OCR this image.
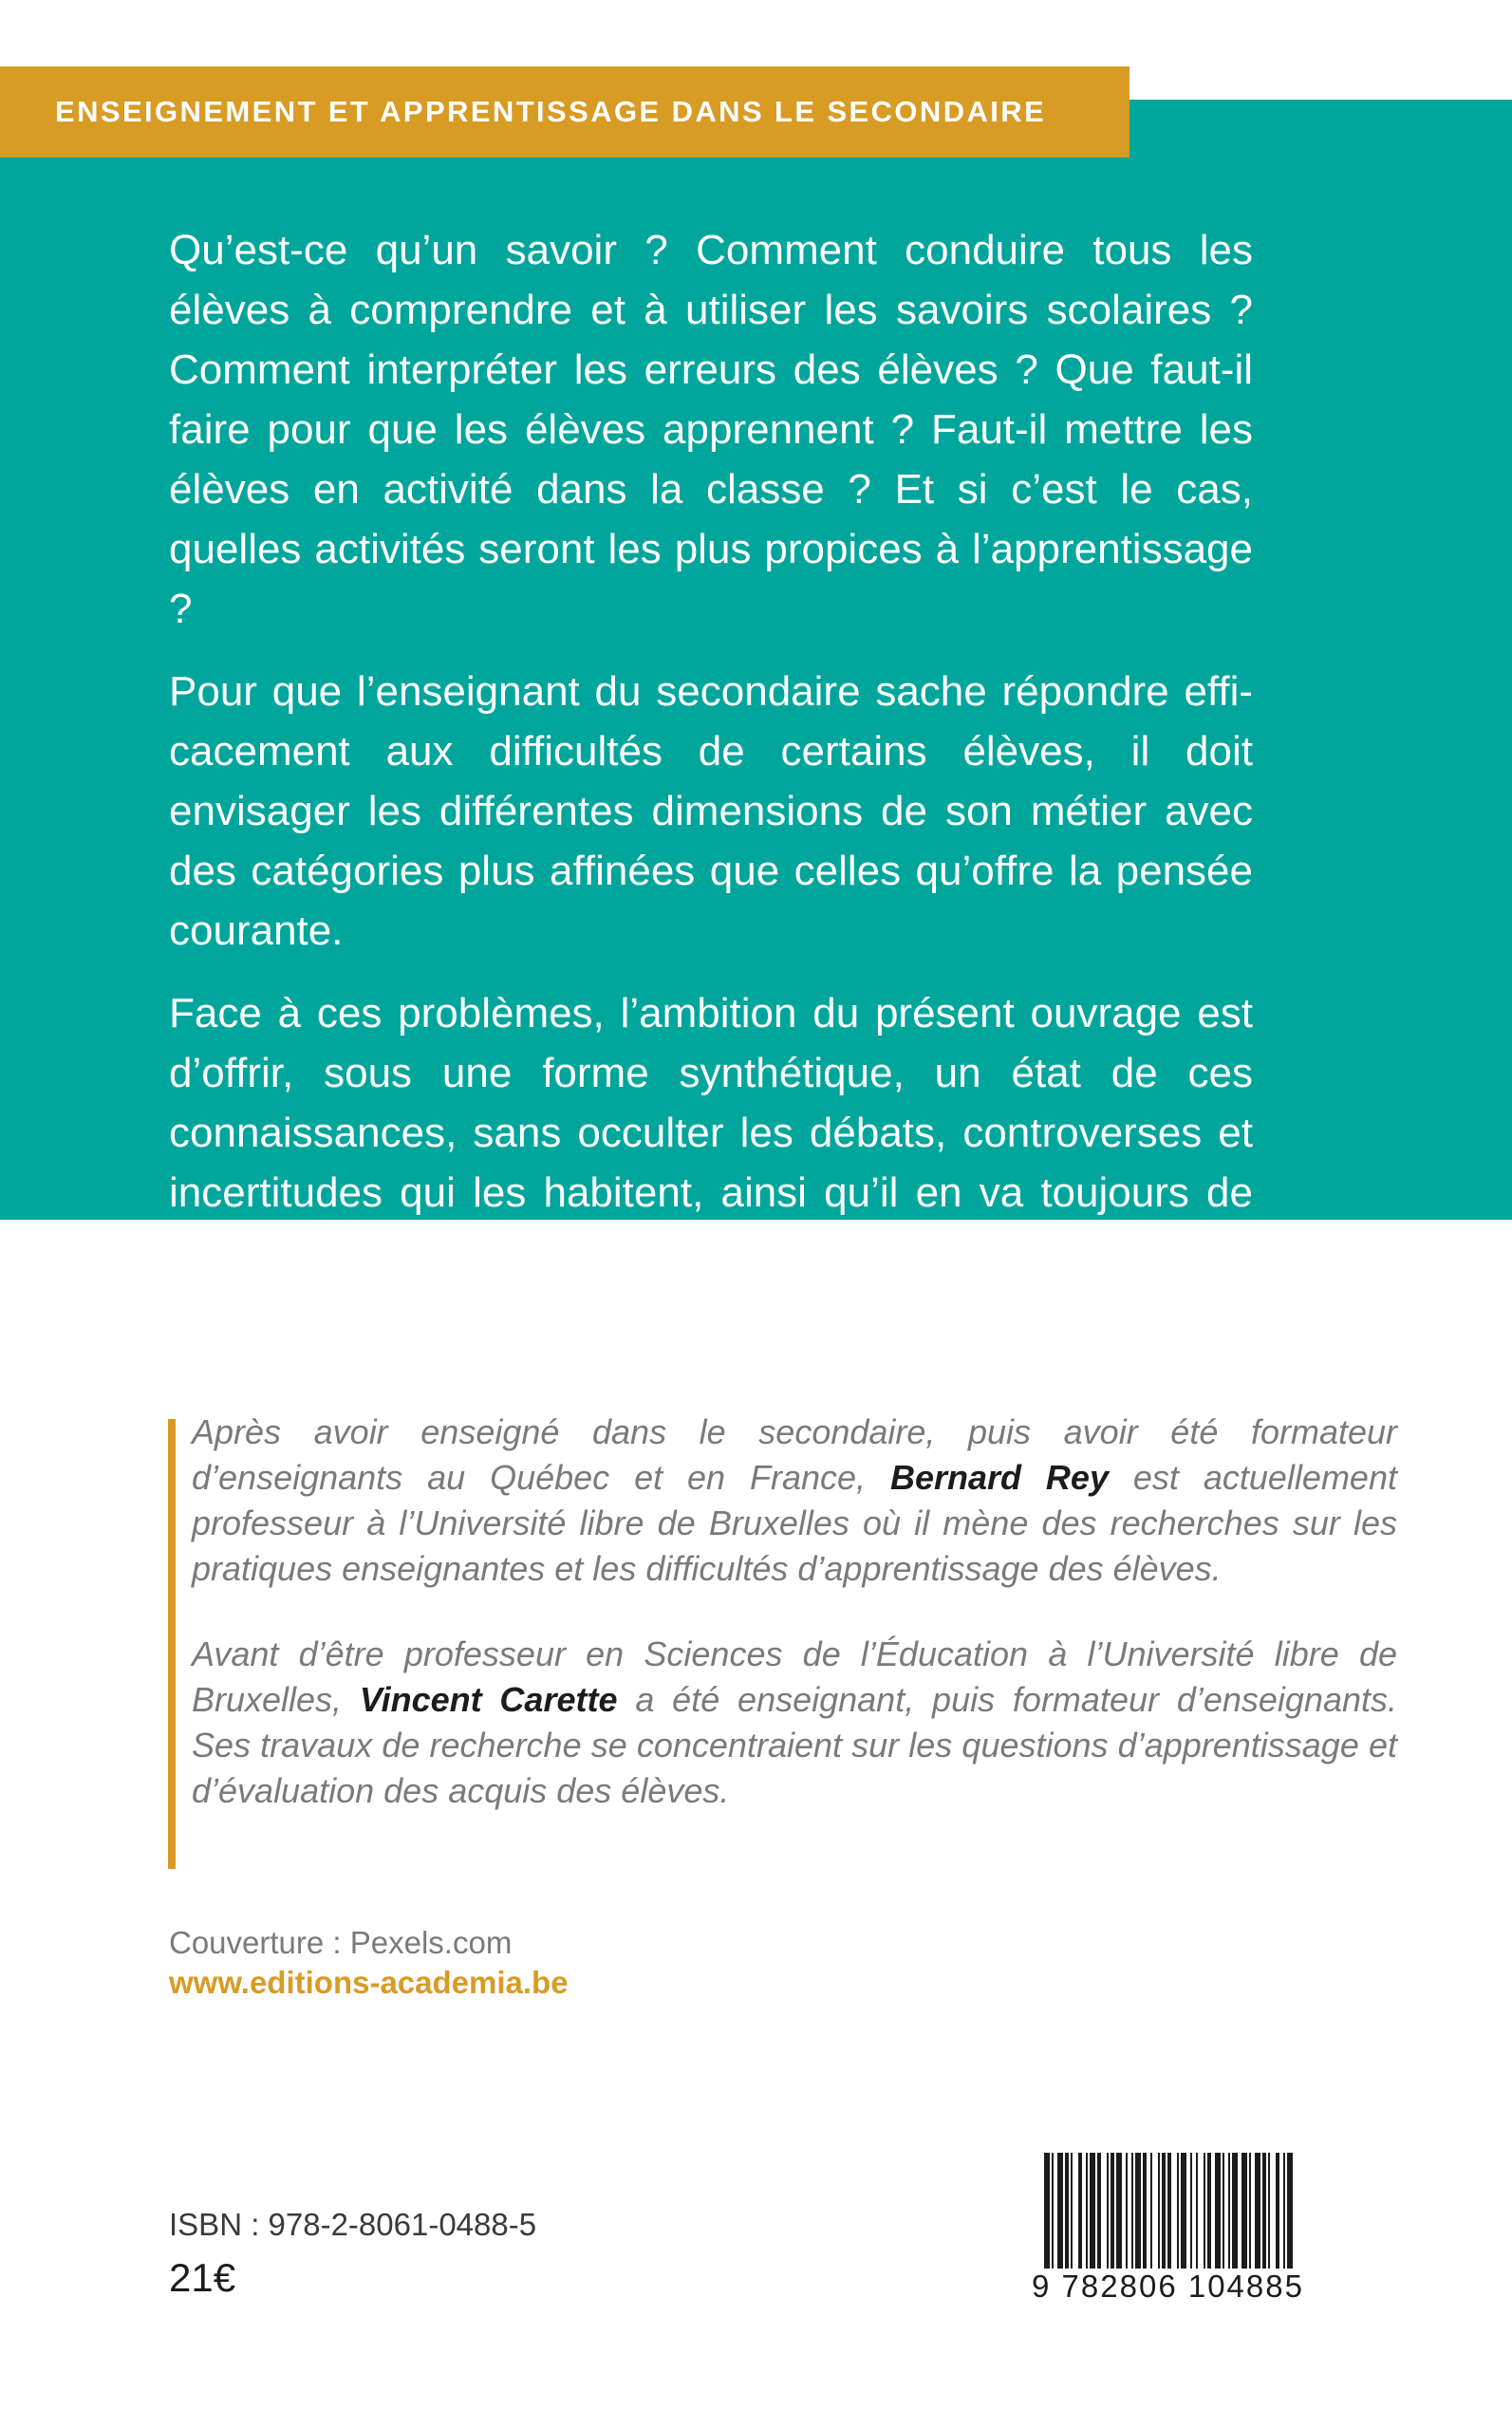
ENSEIGNEMENT ET APPRENTISSAGE DANS LE SECONDAIRE

Qu’est-ce qu’un savoir ? Comment conduire tous les élèves à comprendre et à utiliser les savoirs scolaires ? Comment interpréter les erreurs des élèves ? Que faut-il faire pour que les élèves apprennent ? Faut-il mettre les élèves en activité dans la classe ? Et si c’est le cas, quelles activités seront les plus propices à l’apprentissage ?

Pour que l’enseignant du secondaire sache répondre efficacement aux difficultés de certains élèves, il doit envisager les différentes dimensions de son métier avec des catégories plus affinées que celles qu’offre la pensée courante.

Face à ces problèmes, l’ambition du présent ouvrage est d’offrir, sous une forme synthétique, un état de ces connaissances, sans occulter les débats, controverses et incertitudes qui les habitent, ainsi qu’il en va toujours de connaissances directement issues de la recherche.

Après avoir enseigné dans le secondaire, puis avoir été formateur d’enseignants au Québec et en France, Bernard Rey est actuellement professeur à l’Université libre de Bruxelles où il mène des recherches sur les pratiques enseignantes et les difficultés d’apprentissage des élèves.

Avant d’être professeur en Sciences de l’Éducation à l’Université libre de Bruxelles, Vincent Carette a été enseignant, puis formateur d’enseignants. Ses travaux de recherche se concentraient sur les questions d’apprentissage et d’évaluation des acquis des élèves.

Couverture : Pexels.com
www.editions-academia.be
ISBN : 978-2-8061-0488-5
21€	9 782806 104885
